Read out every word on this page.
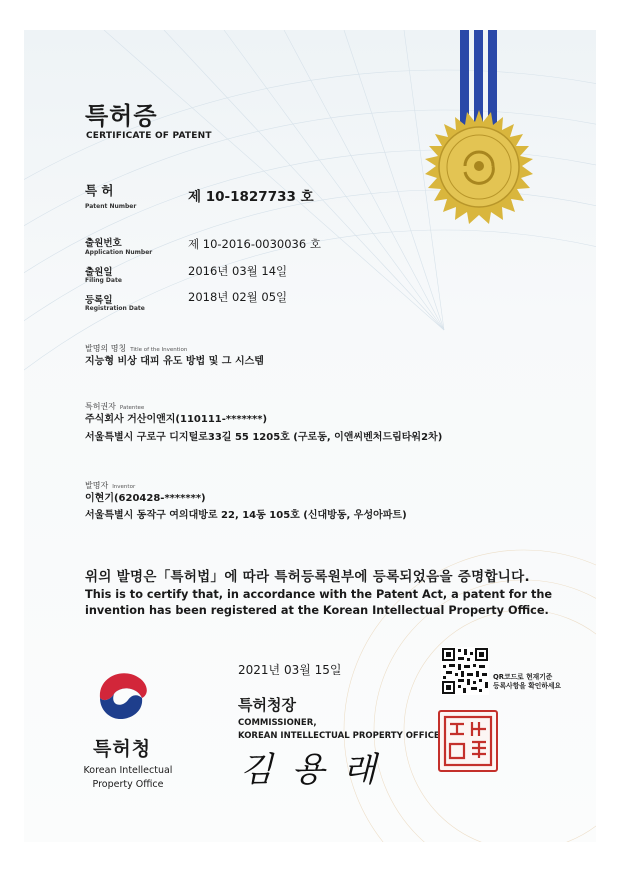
특허증
CERTIFICATE OF PATENT
특 허
Patent Number
제 10-1827733 호
출원번호
Application Number
제 10-2016-0030036 호
출원일
Filing Date
2016년 03월 14일
등록일
Registration Date
2018년 02월 05일
발명의 명칭 Title of the Invention
지능형 비상 대피 유도 방법 및 그 시스템
특허권자 Patentee
주식회사 거산이앤지(110111-*******)
서울특별시 구로구 디지털로33길 55 1205호 (구로동, 이앤씨벤처드림타워2차)
발명자 Inventor
이현기(620428-*******)
서울특별시 동작구 여의대방로 22, 14동 105호 (신대방동, 우성아파트)
위의 발명은「특허법」에 따라 특허등록원부에 등록되었음을 증명합니다.
This is to certify that, in accordance with the Patent Act, a patent for the invention has been registered at the Korean Intellectual Property Office.
2021년 03월 15일	QR코드로 현재기준
등록사항을 확인하세요
특허청장
COMMISSIONER,
KOREAN INTELLECTUAL PROPERTY OFFICE
김 용 래
특허청
Korean Intellectual
Property Office
